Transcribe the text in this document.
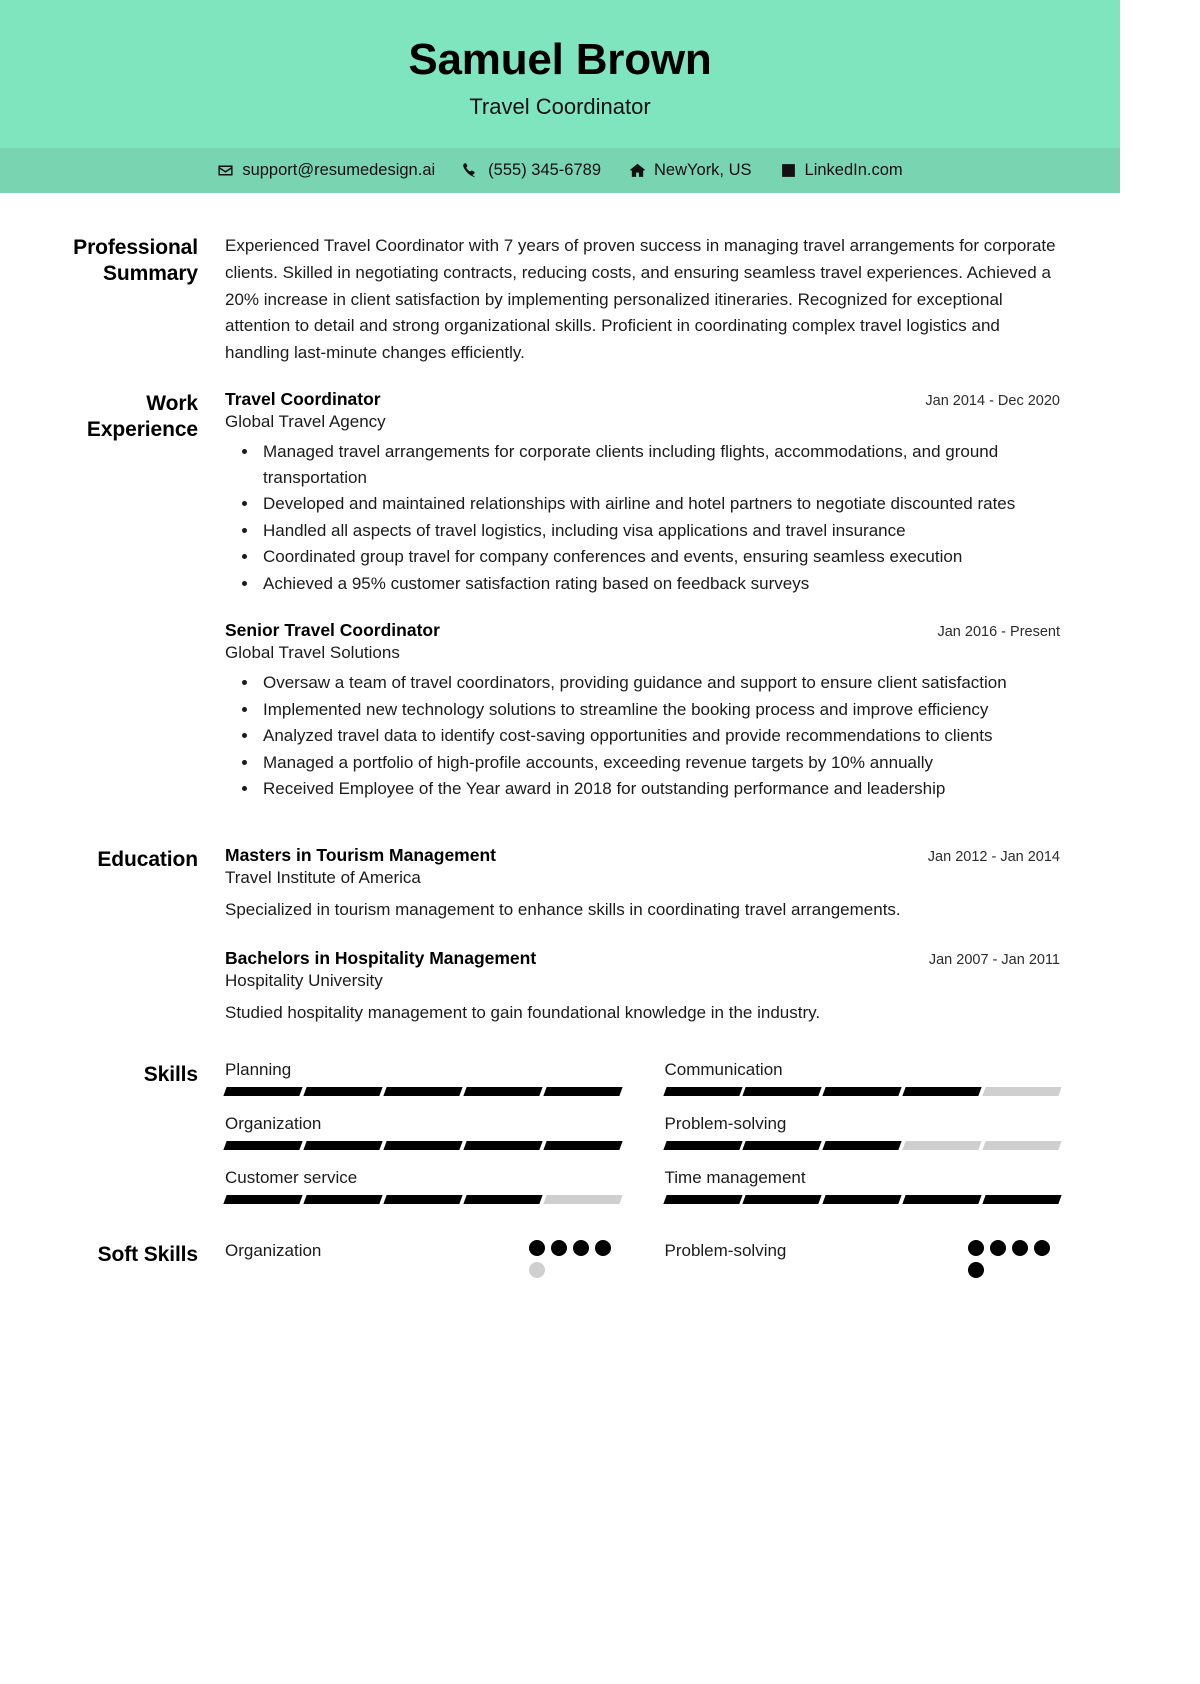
Samuel Brown
Travel Coordinator
support@resumedesign.ai	(555) 345-6789	NewYork, US	LinkedIn.com
Professional Summary
Experienced Travel Coordinator with 7 years of proven success in managing travel arrangements for corporate clients. Skilled in negotiating contracts, reducing costs, and ensuring seamless travel experiences. Achieved a 20% increase in client satisfaction by implementing personalized itineraries. Recognized for exceptional attention to detail and strong organizational skills. Proficient in coordinating complex travel logistics and handling last-minute changes efficiently.
Work Experience
Travel Coordinator	Jan 2014 - Dec 2020
Global Travel Agency
• Managed travel arrangements for corporate clients including flights, accommodations, and ground transportation
• Developed and maintained relationships with airline and hotel partners to negotiate discounted rates
• Handled all aspects of travel logistics, including visa applications and travel insurance
• Coordinated group travel for company conferences and events, ensuring seamless execution
• Achieved a 95% customer satisfaction rating based on feedback surveys
Senior Travel Coordinator	Jan 2016 - Present
Global Travel Solutions
• Oversaw a team of travel coordinators, providing guidance and support to ensure client satisfaction
• Implemented new technology solutions to streamline the booking process and improve efficiency
• Analyzed travel data to identify cost-saving opportunities and provide recommendations to clients
• Managed a portfolio of high-profile accounts, exceeding revenue targets by 10% annually
• Received Employee of the Year award in 2018 for outstanding performance and leadership
Education	Masters in Tourism Management	Jan 2012 - Jan 2014
Travel Institute of America
Specialized in tourism management to enhance skills in coordinating travel arrangements.
Bachelors in Hospitality Management	Jan 2007 - Jan 2011
Hospitality University
Studied hospitality management to gain foundational knowledge in the industry.
Skills	Planning	Communication
Organization	Problem-solving
Customer service	Time management
Soft Skills	Organization	Problem-solving
